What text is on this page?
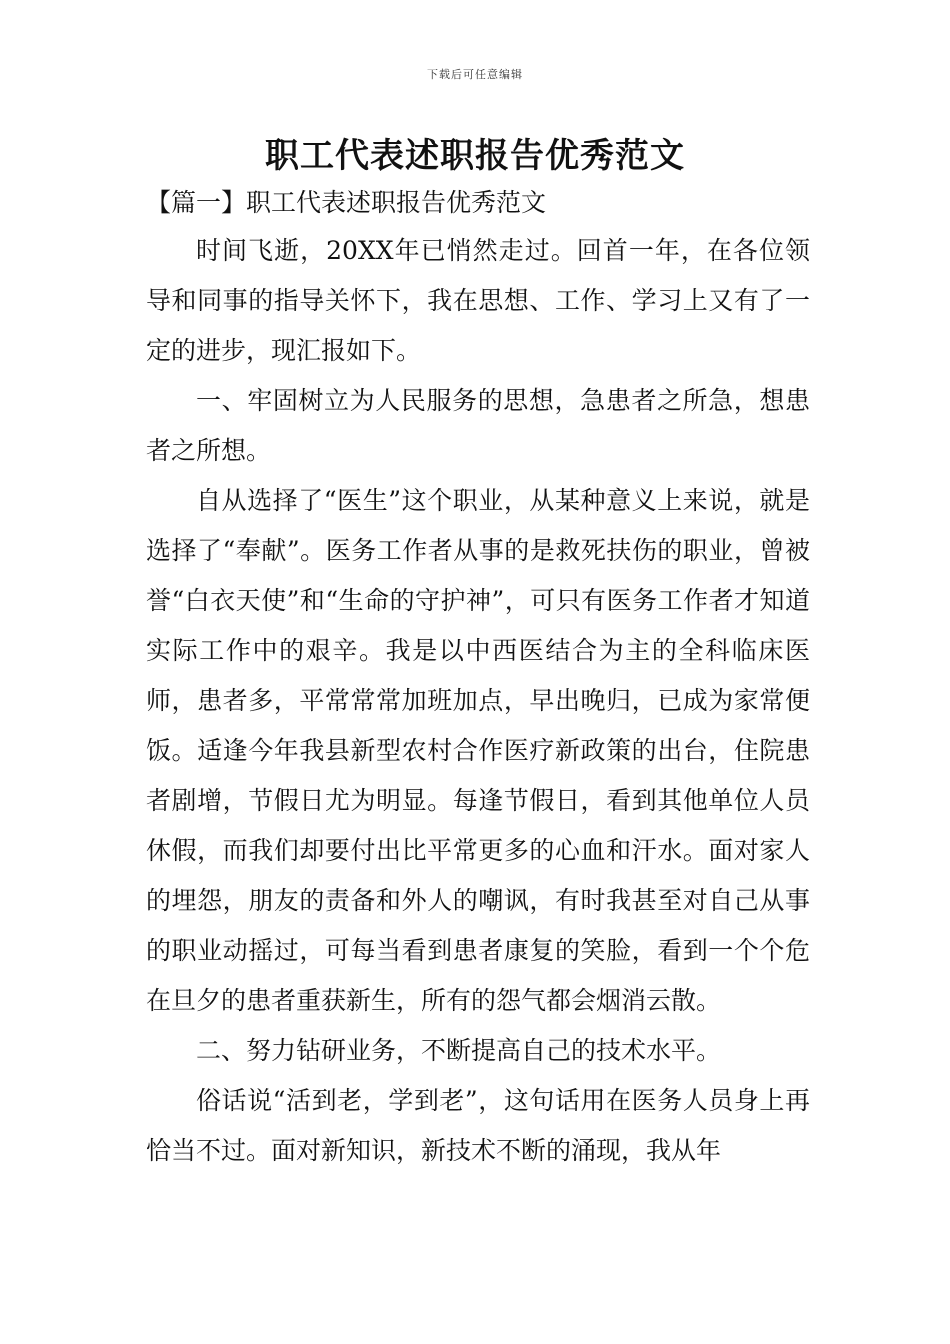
下载后可任意编辑
职工代表述职报告优秀范文
【篇一】职工代表述职报告优秀范文

时间飞逝，20XX年已悄然走过。回首一年，在各位领导和同事的指导关怀下，我在思想、工作、学习上又有了一定的进步，现汇报如下。

一、牢固树立为人民服务的思想，急患者之所急，想患者之所想。

自从选择了“医生”这个职业，从某种意义上来说，就是选择了“奉献”。医务工作者从事的是救死扶伤的职业，曾被誉“白衣天使”和“生命的守护神”，可只有医务工作者才知道实际工作中的艰辛。我是以中西医结合为主的全科临床医师，患者多，平常常常加班加点，早出晚归，已成为家常便饭。适逢今年我县新型农村合作医疗新政策的出台，住院患者剧增，节假日尤为明显。每逢节假日，看到其他单位人员休假，而我们却要付出比平常更多的心血和汗水。面对家人的埋怨，朋友的责备和外人的嘲讽，有时我甚至对自己从事的职业动摇过，可每当看到患者康复的笑脸，看到一个个危在旦夕的患者重获新生，所有的怨气都会烟消云散。

二、努力钻研业务，不断提高自己的技术水平。

俗话说“活到老，学到老”，这句话用在医务人员身上再恰当不过。面对新知识，新技术不断的涌现，我从年
